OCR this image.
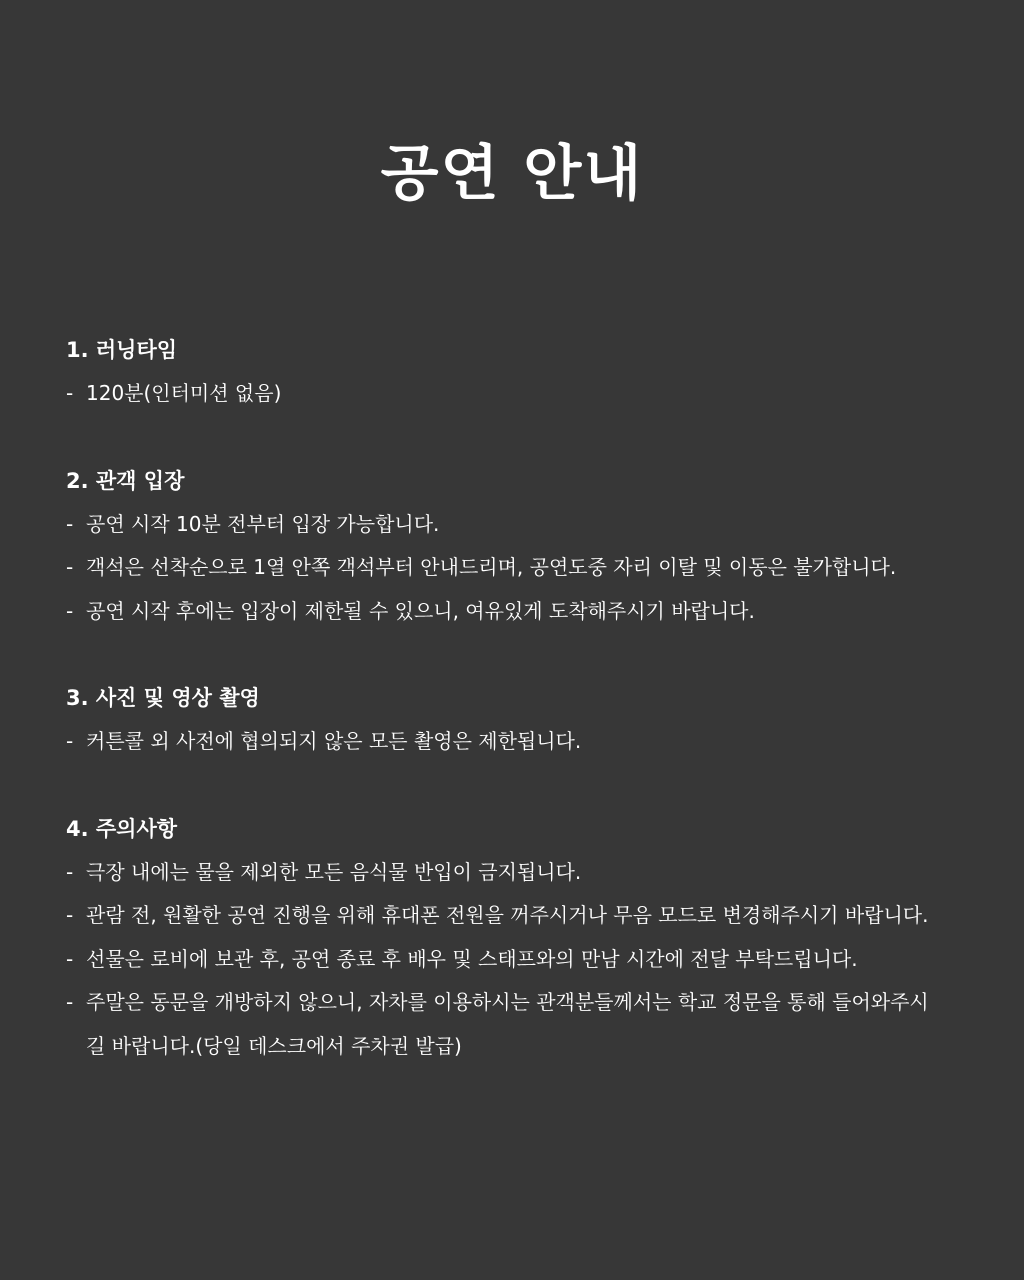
공연 안내
1. 러닝타임
- 120분(인터미션 없음)
2. 관객 입장
- 공연 시작 10분 전부터 입장 가능합니다.
- 객석은 선착순으로 1열 안쪽 객석부터 안내드리며, 공연도중 자리 이탈 및 이동은 불가합니다.
- 공연 시작 후에는 입장이 제한될 수 있으니, 여유있게 도착해주시기 바랍니다.
3. 사진 및 영상 촬영
- 커튼콜 외 사전에 협의되지 않은 모든 촬영은 제한됩니다.
4. 주의사항
- 극장 내에는 물을 제외한 모든 음식물 반입이 금지됩니다.
- 관람 전, 원활한 공연 진행을 위해 휴대폰 전원을 꺼주시거나 무음 모드로 변경해주시기 바랍니다.
- 선물은 로비에 보관 후, 공연 종료 후 배우 및 스태프와의 만남 시간에 전달 부탁드립니다.
- 주말은 동문을 개방하지 않으니, 자차를 이용하시는 관객분들께서는 학교 정문을 통해 들어와주시길 바랍니다.(당일 데스크에서 주차권 발급)
